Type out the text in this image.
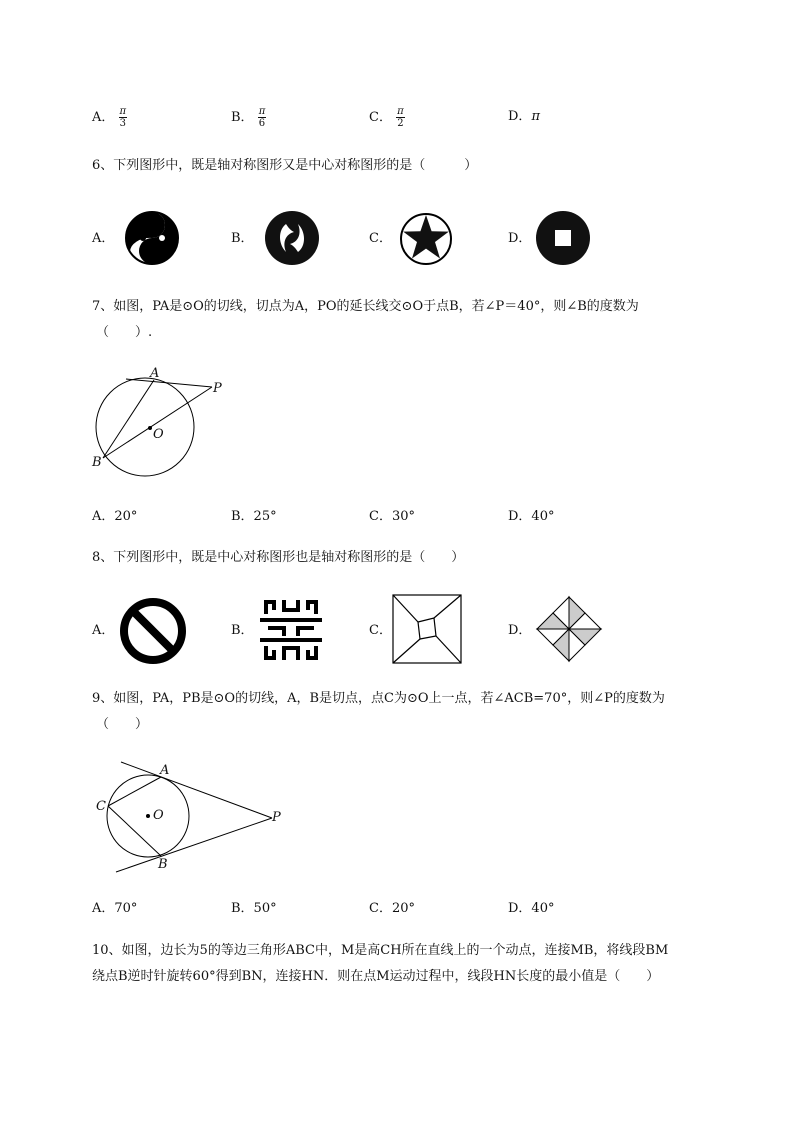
A． $\frac{\pi}{3}$	B． $\frac{\pi}{6}$	C． $\frac{\pi}{2}$	D．π
6、下列图形中，既是轴对称图形又是中心对称图形的是（　　　）
A．	B．	C．	D．
7、如图，PA是⊙O的切线，切点为A，PO的延长线交⊙O于点B，若∠P＝40°，则∠B的度数为
（　　）.
A
P
O
B
A．20°	B．25°	C．30°	D．40°
8、下列图形中，既是中心对称图形也是轴对称图形的是（　　）
A．	B．	C．	D．
9、如图，PA，PB是⊙O的切线，A，B是切点，点C为⊙O上一点，若∠ACB=70°，则∠P的度数为
（　　）
A
C
O	P
B
A．70°	B．50°	C．20°	D．40°
10、如图，边长为5的等边三角形ABC中，M是高CH所在直线上的一个动点，连接MB，将线段BM
绕点B逆时针旋转60°得到BN，连接HN．则在点M运动过程中，线段HN长度的最小值是（　　）
